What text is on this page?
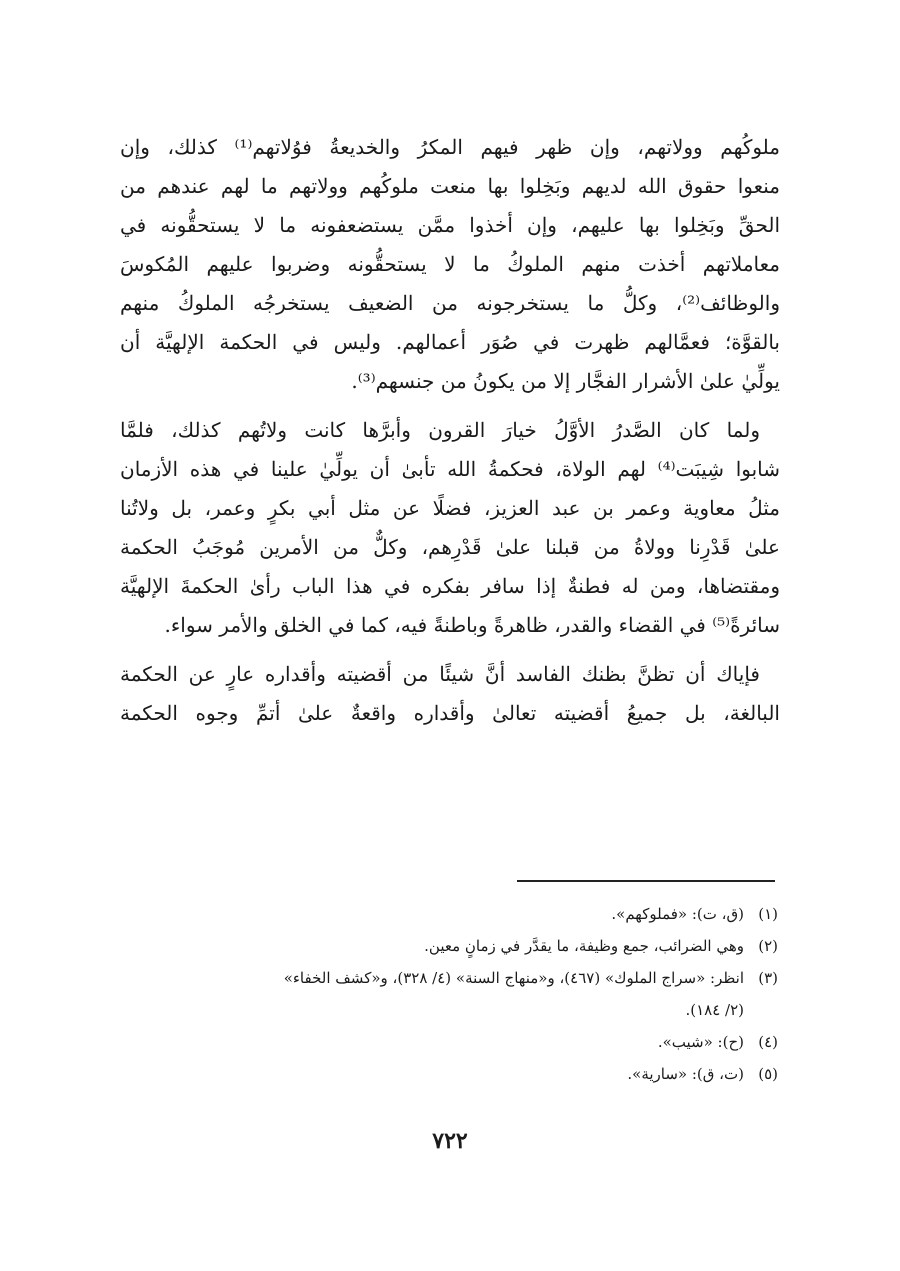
ملوكُهم وولاتهم، وإن ظهر فيهم المكرُ والخديعةُ فوُلاتهم⁽¹⁾ كذلك، وإن
منعوا حقوق الله لديهم وبَخِلوا بها منعت ملوكُهم وولاتهم ما لهم عندهم من
الحقِّ وبَخِلوا بها عليهم، وإن أخذوا ممَّن يستضعفونه ما لا يستحقُّونه في
معاملاتهم أخذت منهم الملوكُ ما لا يستحقُّونه وضربوا عليهم المُكوسَ
والوظائف⁽²⁾، وكلُّ ما يستخرجونه من الضعيف يستخرجُه الملوكُ منهم
بالقوَّة؛ فعمَّالهم ظهرت في صُوَر أعمالهم. وليس في الحكمة الإلهيَّة أن
يولِّيٰ علىٰ الأشرار الفجَّار إلا من يكونُ من جنسهم⁽³⁾.
ولما كان الصَّدرُ الأوَّلُ خيارَ القرون وأبرَّها كانت ولاتُهم كذلك، فلمَّا
شابوا شِيبَت⁽⁴⁾ لهم الولاة، فحكمةُ الله تأبىٰ أن يولِّيٰ علينا في هذه الأزمان
مثلُ معاوية وعمر بن عبد العزيز، فضلًا عن مثل أبي بكرٍ وعمر، بل ولاتُنا
علىٰ قَدْرِنا وولاةُ من قبلنا علىٰ قَدْرِهم، وكلٌّ من الأمرين مُوجَبُ الحكمة
ومقتضاها، ومن له فطنةٌ إذا سافر بفكره في هذا الباب رأىٰ الحكمةَ الإلهيَّة
سائرةً⁽⁵⁾ في القضاء والقدر، ظاهرةً وباطنةً فيه، كما في الخلق والأمر سواء.
فإياك أن تظنَّ بظنك الفاسد أنَّ شيئًا من أقضيته وأقداره عارٍ عن الحكمة
البالغة، بل جميعُ أقضيته تعالىٰ وأقداره واقعةٌ علىٰ أتمِّ وجوه الحكمة
(١)
(ق، ت): «فملوكهم».
(٢)
وهي الضرائب، جمع وظيفة، ما يقدَّر في زمانٍ معين.
(٣)
انظر: «سراج الملوك» (٤٦٧)، و«منهاج السنة» (٤/ ٣٢٨)، و«كشف الخفاء»
(٢/ ١٨٤).
(٤)
(ح): «شيب».
(٥)
(ت، ق): «سارية».
٧٢٢
